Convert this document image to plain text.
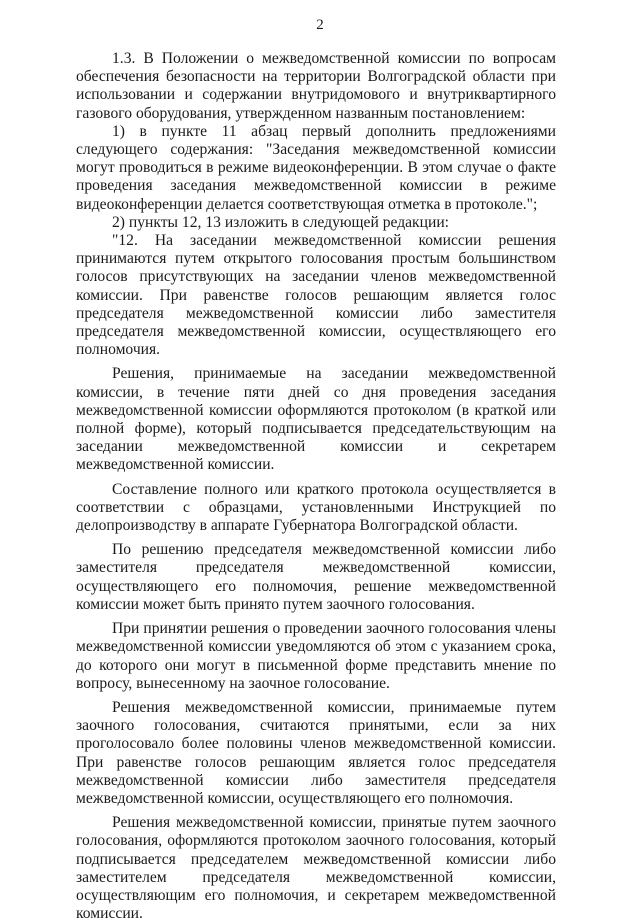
2

1.3. В Положении о межведомственной комиссии по вопросам обеспечения безопасности на территории Волгоградской области при использовании и содержании внутридомового и внутриквартирного газового оборудования, утвержденном названным постановлением:

1) в пункте 11 абзац первый дополнить предложениями следующего содержания: "Заседания межведомственной комиссии могут проводиться в режиме видеоконференции. В этом случае о факте проведения заседания межведомственной комиссии в режиме видеоконференции делается соответствующая отметка в протоколе.";

2) пункты 12, 13 изложить в следующей редакции:

"12. На заседании межведомственной комиссии решения принимаются путем открытого голосования простым большинством голосов присутствующих на заседании членов межведомственной комиссии. При равенстве голосов решающим является голос председателя межведомственной комиссии либо заместителя председателя межведомственной комиссии, осуществляющего его полномочия.

Решения, принимаемые на заседании межведомственной комиссии, в течение пяти дней со дня проведения заседания межведомственной комиссии оформляются протоколом (в краткой или полной форме), который подписывается председательствующим на заседании межведомственной комиссии и секретарем межведомственной комиссии.

Составление полного или краткого протокола осуществляется в соответствии с образцами, установленными Инструкцией по делопроизводству в аппарате Губернатора Волгоградской области.

По решению председателя межведомственной комиссии либо заместителя председателя межведомственной комиссии, осуществляющего его полномочия, решение межведомственной комиссии может быть принято путем заочного голосования.

При принятии решения о проведении заочного голосования члены межведомственной комиссии уведомляются об этом с указанием срока, до которого они могут в письменной форме представить мнение по вопросу, вынесенному на заочное голосование.

Решения межведомственной комиссии, принимаемые путем заочного голосования, считаются принятыми, если за них проголосовало более половины членов межведомственной комиссии. При равенстве голосов решающим является голос председателя межведомственной комиссии либо заместителя председателя межведомственной комиссии, осуществляющего его полномочия.

Решения межведомственной комиссии, принятые путем заочного голосования, оформляются протоколом заочного голосования, который подписывается председателем межведомственной комиссии либо заместителем председателя межведомственной комиссии, осуществляющим его полномочия, и секретарем межведомственной комиссии.
